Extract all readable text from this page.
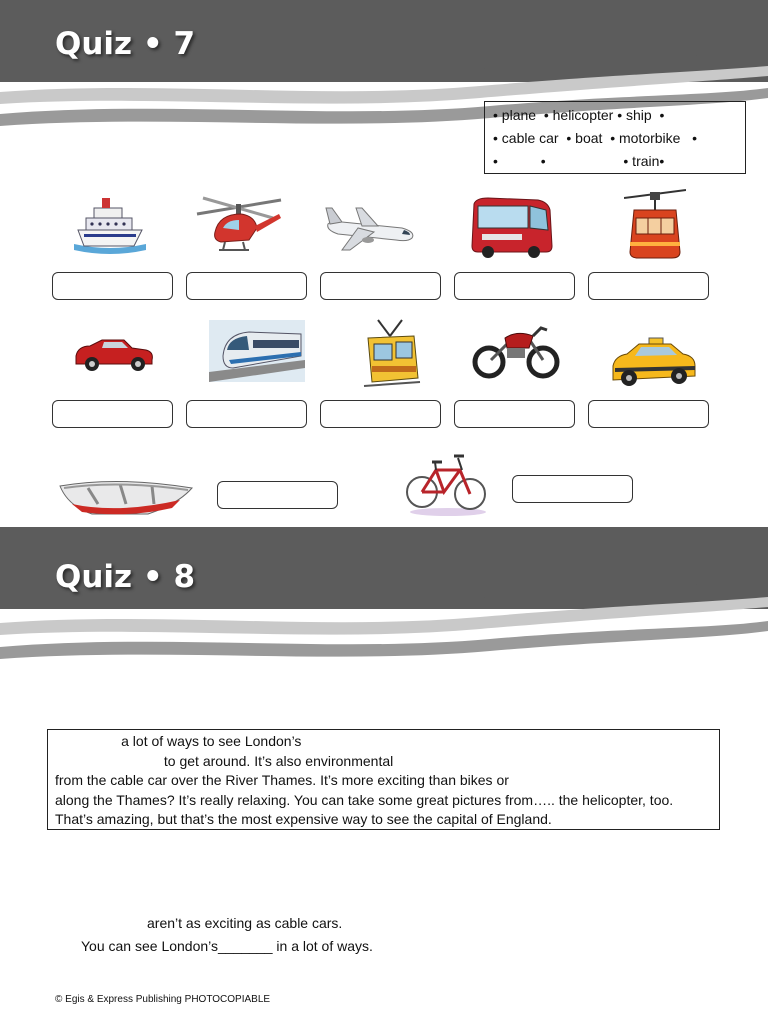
Quiz • 7
• plane  • helicopter • ship  •
• cable car  • boat  • motorbike   •
•           •                    • train•
Quiz • 8
a lot of ways to see London’s
to get around. It’s also environmental
from the cable car over the River Thames. It’s more exciting than bikes or
along the Thames? It’s really relaxing. You can take some great pictures from….. the helicopter, too.
That’s amazing, but that’s the most expensive way to see the capital of England.
aren’t as exciting as cable cars.
You can see London’s_______ in a lot of ways.
© Egis & Express Publishing PHOTOCOPIABLE
